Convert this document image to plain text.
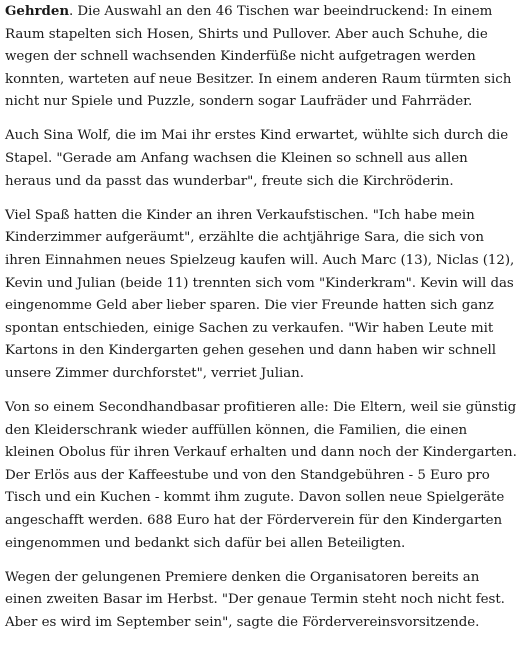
Gehrden. Die Auswahl an den 46 Tischen war beeindruckend: In einem Raum stapelten sich Hosen, Shirts und Pullover. Aber auch Schuhe, die wegen der schnell wachsenden Kinderfüße nicht aufgetragen werden konnten, warteten auf neue Besitzer. In einem anderen Raum türmten sich nicht nur Spiele und Puzzle, sondern sogar Laufräder und Fahrräder.

Auch Sina Wolf, die im Mai ihr erstes Kind erwartet, wühlte sich durch die Stapel. "Gerade am Anfang wachsen die Kleinen so schnell aus allen heraus und da passt das wunderbar", freute sich die Kirchröderin.

Viel Spaß hatten die Kinder an ihren Verkaufstischen. "Ich habe mein Kinderzimmer aufgeräumt", erzählte die achtjährige Sara, die sich von ihren Einnahmen neues Spielzeug kaufen will. Auch Marc (13), Niclas (12), Kevin und Julian (beide 11) trennten sich vom "Kinderkram". Kevin will das eingenomme Geld aber lieber sparen. Die vier Freunde hatten sich ganz spontan entschieden, einige Sachen zu verkaufen. "Wir haben Leute mit Kartons in den Kindergarten gehen gesehen und dann haben wir schnell unsere Zimmer durchforstet", verriet Julian.

Von so einem Secondhandbasar profitieren alle: Die Eltern, weil sie günstig den Kleiderschrank wieder auffüllen können, die Familien, die einen kleinen Obolus für ihren Verkauf erhalten und dann noch der Kindergarten. Der Erlös aus der Kaffeestube und von den Standgebühren - 5 Euro pro Tisch und ein Kuchen - kommt ihm zugute. Davon sollen neue Spielgeräte angeschafft werden. 688 Euro hat der Förderverein für den Kindergarten eingenommen und bedankt sich dafür bei allen Beteiligten.

Wegen der gelungenen Premiere denken die Organisatoren bereits an einen zweiten Basar im Herbst. "Der genaue Termin steht noch nicht fest. Aber es wird im September sein", sagte die Fördervereinsvorsitzende.
